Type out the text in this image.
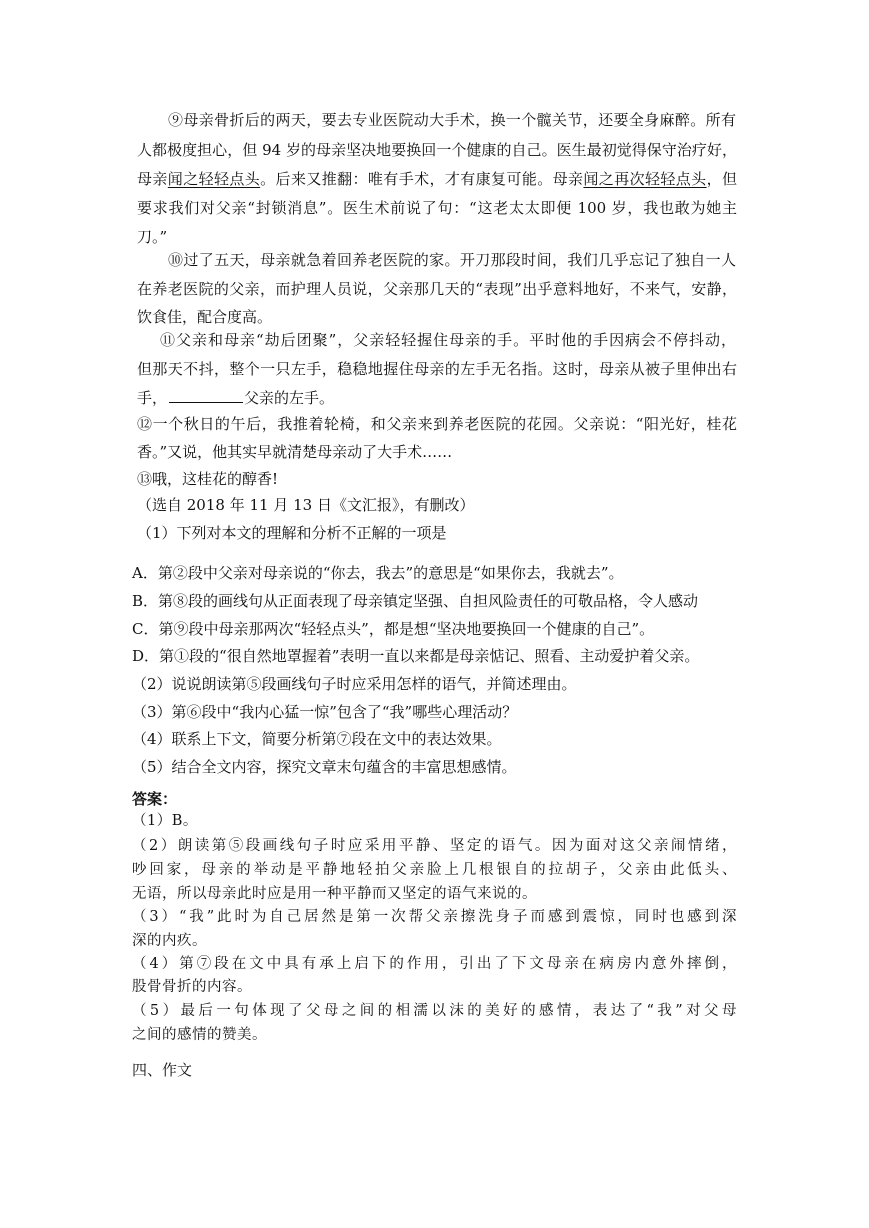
⑨母亲骨折后的两天，要去专业医院动大手术，换一个髋关节，还要全身麻醉。所有
人都极度担心，但 94 岁的母亲坚决地要换回一个健康的自己。医生最初觉得保守治疗好，
母亲闻之轻轻点头。后来又推翻：唯有手术，才有康复可能。母亲闻之再次轻轻点头，但
要求我们对父亲“封锁消息”。医生术前说了句：“这老太太即便 100 岁，我也敢为她主
刀。”
⑩过了五天，母亲就急着回养老医院的家。开刀那段时间，我们几乎忘记了独自一人
在养老医院的父亲，而护理人员说，父亲那几天的“表现”出乎意料地好，不来气，安静，
饮食佳，配合度高。
⑪父亲和母亲“劫后团聚”，父亲轻轻握住母亲的手。平时他的手因病会不停抖动，
但那天不抖，整个一只左手，稳稳地握住母亲的左手无名指。这时，母亲从被子里伸出右
手，	父亲的左手。
⑫一个秋日的午后，我推着轮椅，和父亲来到养老医院的花园。父亲说：“阳光好，桂花
香。”又说，他其实早就清楚母亲动了大手术……
⑬哦，这桂花的醇香!
（选自 2018 年 11 月 13 日《文汇报》，有删改）
（1）下列对本文的理解和分析不正解的一项是
A．第②段中父亲对母亲说的“你去，我去”的意思是“如果你去，我就去”。
B．第⑧段的画线句从正面表现了母亲镇定坚强、自担风险责任的可敬品格，令人感动
C．第⑨段中母亲那两次“轻轻点头”，都是想“坚决地要换回一个健康的自己”。
D．第①段的“很自然地罩握着”表明一直以来都是母亲惦记、照看、主动爱护着父亲。
（2）说说朗读第⑤段画线句子时应采用怎样的语气，并简述理由。
（3）第⑥段中“我内心猛一惊”包含了“我”哪些心理活动？
（4）联系上下文，简要分析第⑦段在文中的表达效果。
（5）结合全文内容，探究文章末句蕴含的丰富思想感情。
答案：
（1）B。
（2）朗读第⑤段画线句子时应采用平静、坚定的语气。因为面对这父亲闹情绪，
吵回家，母亲的举动是平静地轻拍父亲脸上几根银自的拉胡子，父亲由此低头、
无语，所以母亲此时应是用一种平静而又坚定的语气来说的。
（3）“我”此时为自己居然是第一次帮父亲擦洗身子而感到震惊，同时也感到深
深的内疚。
（4）第⑦段在文中具有承上启下的作用，引出了下文母亲在病房内意外摔倒，
股骨骨折的内容。
（5）最后一句体现了父母之间的相濡以沫的美好的感情，表达了“我”对父母
之间的感情的赞美。
四、作文
